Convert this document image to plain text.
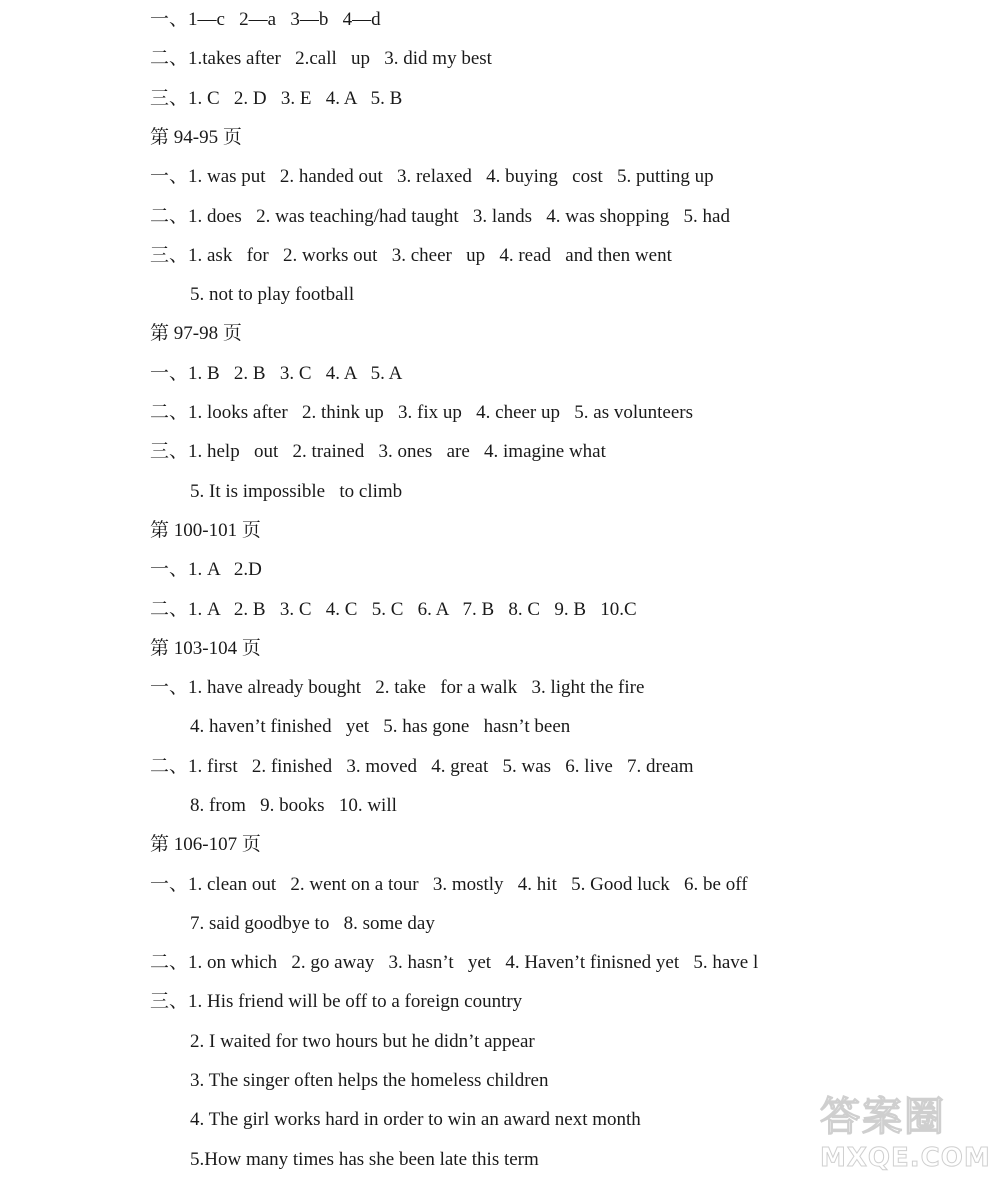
一、1—c   2—a   3—b   4—d
二、1.takes after   2.call   up   3. did my best
三、1. C   2. D   3. E   4. A   5. B
第 94-95 页
一、1. was put   2. handed out   3. relaxed   4. buying   cost   5. putting up
二、1. does   2. was teaching/had taught   3. lands   4. was shopping   5. had
三、1. ask   for   2. works out   3. cheer   up   4. read   and then went
5. not to play football
第 97-98 页
一、1. B   2. B   3. C   4. A   5. A
二、1. looks after   2. think up   3. fix up   4. cheer up   5. as volunteers
三、1. help   out   2. trained   3. ones   are   4. imagine what
5. It is impossible   to climb
第 100-101 页
一、1. A   2.D
二、1. A   2. B   3. C   4. C   5. C   6. A   7. B   8. C   9. B   10.C
第 103-104 页
一、1. have already bought   2. take   for a walk   3. light the fire
4. haven’t finished   yet   5. has gone   hasn’t been
二、1. first   2. finished   3. moved   4. great   5. was   6. live   7. dream
8. from   9. books   10. will
第 106-107 页
一、1. clean out   2. went on a tour   3. mostly   4. hit   5. Good luck   6. be off
7. said goodbye to   8. some day
二、1. on which   2. go away   3. hasn’t   yet   4. Haven’t finisned yet   5. have l
三、1. His friend will be off to a foreign country
2. I waited for two hours but he didn’t appear
3. The singer often helps the homeless children
4. The girl works hard in order to win an award next month
5.How many times has she been late this term
答案圈
MXQE.COM
